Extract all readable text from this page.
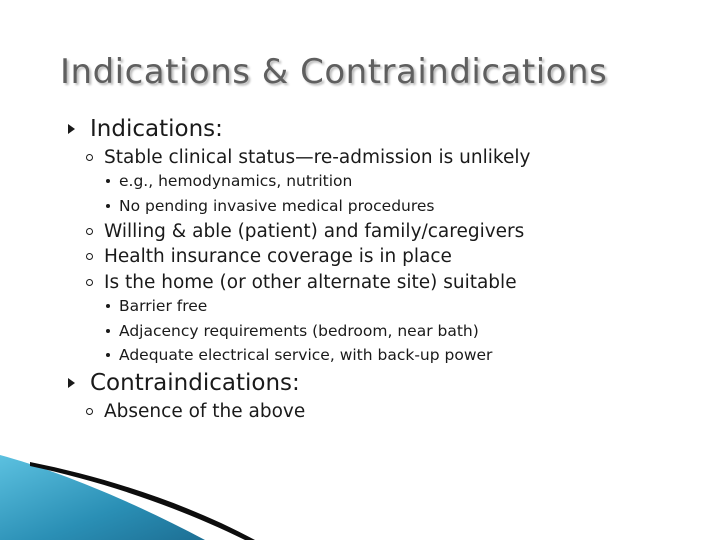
Indications & Contraindications
Indications:
Stable clinical status—re-admission is unlikely
e.g., hemodynamics, nutrition
No pending invasive medical procedures
Willing & able (patient) and family/caregivers
Health insurance coverage is in place
Is the home (or other alternate site) suitable
Barrier free
Adjacency requirements (bedroom, near bath)
Adequate electrical service, with back-up power
Contraindications:
Absence of the above
